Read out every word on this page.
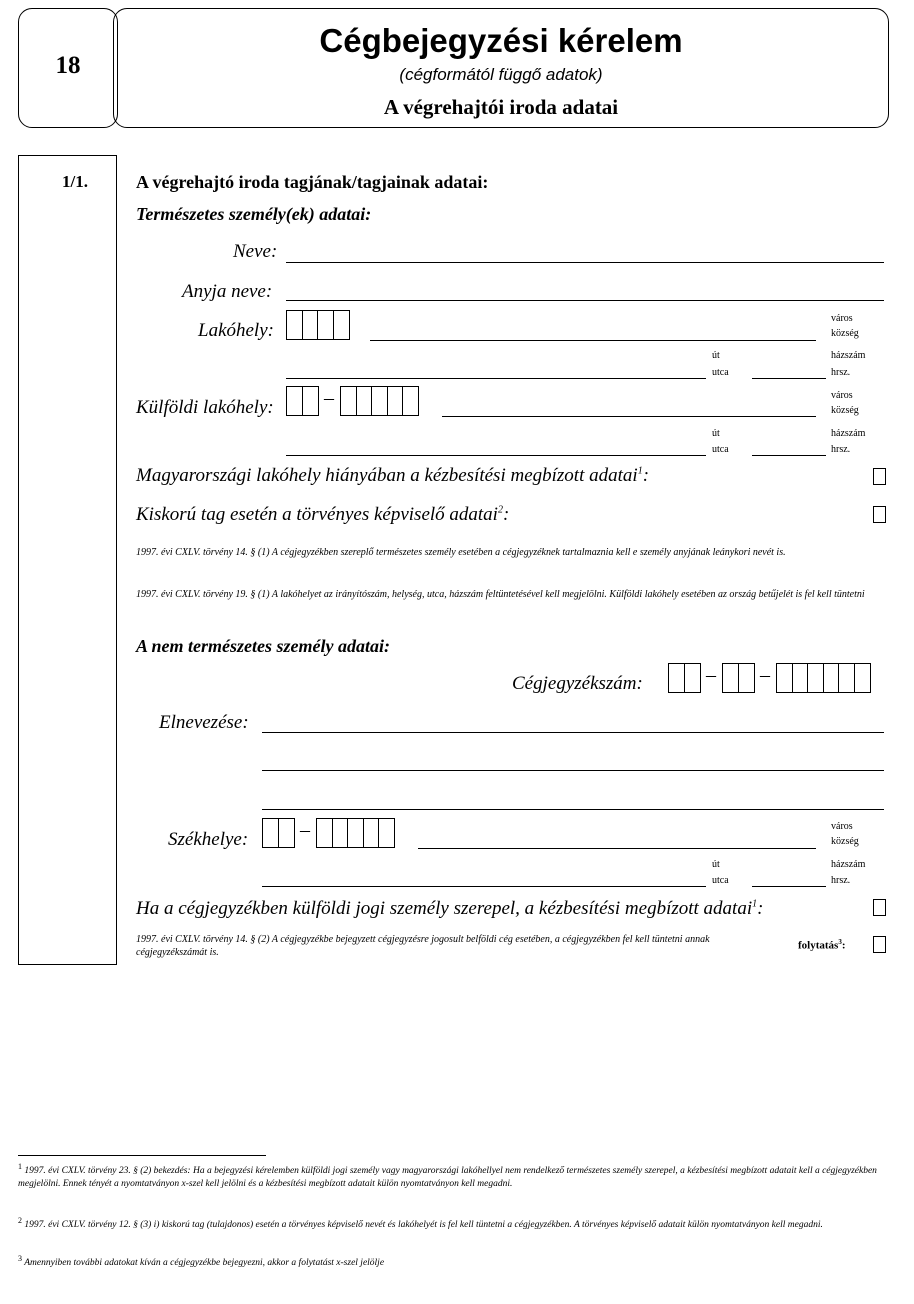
18
Cégbejegyzési kérelem
(cégformától függő adatok)
A végrehajtói iroda adatai
1/1.	A végrehajtó iroda tagjának/tagjainak adatai:
Természetes személy(ek) adatai:
Neve:
Anyja neve:
Lakóhely:
város
község
út
utca
házszám
hrsz.
Külföldi lakóhely:	–	város
község
út
utca
házszám
hrsz.
Magyarországi lakóhely hiányában a kézbesítési megbízott adatai$^1$:
Kiskorú tag esetén a törvényes képviselő adatai$^2$:
1997. évi CXLV. törvény 14. § (1) A cégjegyzékben szereplő természetes személy esetében a cégjegyzéknek tartalmaznia kell e személy anyjának leánykori nevét is.
1997. évi CXLV. törvény 19. § (1) A lakóhelyet az irányítószám, helység, utca, házszám feltüntetésével kell megjelölni. Külföldi lakóhely esetében az ország betűjelét is fel kell tüntetni
A nem természetes személy adatai:
Cégjegyzékszám:	– –
Elnevezése:
Székhelye:	–	város
község
út
utca
házszám
hrsz.
Ha a cégjegyzékben külföldi jogi személy szerepel, a kézbesítési megbízott adatai$^1$:
1997. évi CXLV. törvény 14. § (2) A cégjegyzékbe bejegyzett cégjegyzésre jogosult belföldi cég esetében, a cégjegyzékben fel kell tüntetni annak cégjegyzékszámát is.
folytatás$^3$:
$^1$ 1997. évi CXLV. törvény 23. § (2) bekezdés: Ha a bejegyzési kérelemben külföldi jogi személy vagy magyarországi lakóhellyel nem rendelkező természetes személy szerepel, a kézbesítési megbízott adatait kell a cégjegyzékben megjelölni. Ennek tényét a nyomtatványon x-szel kell jelölni és a kézbesítési megbízott adatait külön nyomtatványon kell megadni.
$^2$ 1997. évi CXLV. törvény 12. § (3) i) kiskorú tag (tulajdonos) esetén a törvényes képviselő nevét és lakóhelyét is fel kell tüntetni a cégjegyzékben. A törvényes képviselő adatait külön nyomtatványon kell megadni.
$^3$ Amennyiben további adatokat kíván a cégjegyzékbe bejegyezni, akkor a folytatást x-szel jelölje
